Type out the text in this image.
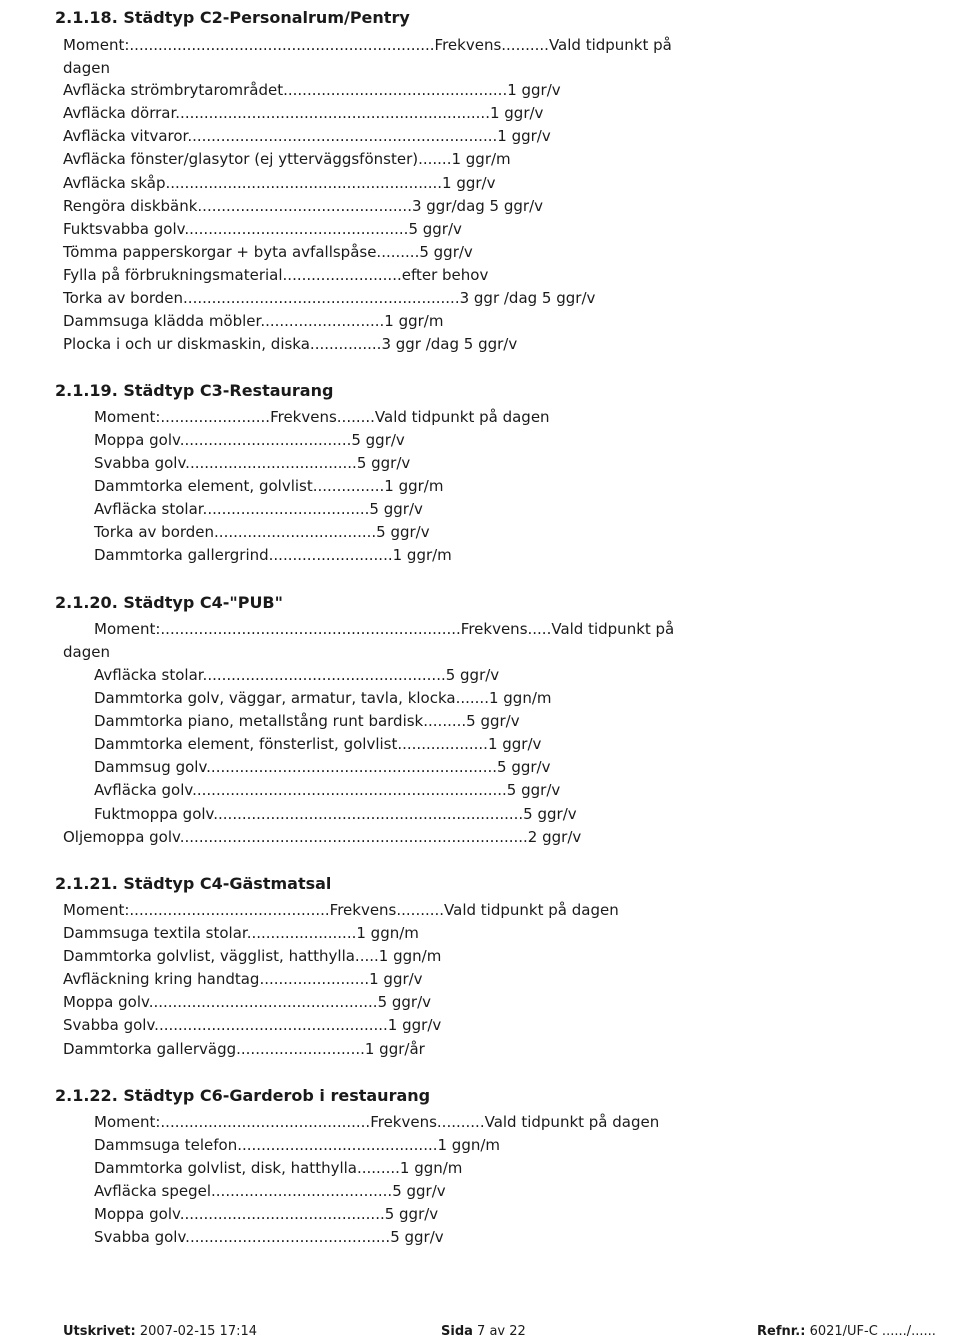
2.1.18. Städtyp C2-Personalrum/Pentry
Moment:................................................................Frekvens..........Vald tidpunkt på
dagen
Avfläcka strömbrytarområdet...............................................1 ggr/v
Avfläcka dörrar..................................................................1 ggr/v
Avfläcka vitvaror.................................................................1 ggr/v
Avfläcka fönster/glasytor (ej ytterväggsfönster).......1 ggr/m
Avfläcka skåp..........................................................1 ggr/v
Rengöra diskbänk.............................................3 ggr/dag 5 ggr/v
Fuktsvabba golv...............................................5 ggr/v
Tömma papperskorgar + byta avfallspåse.........5 ggr/v
Fylla på förbrukningsmaterial.........................efter behov
Torka av borden..........................................................3 ggr /dag 5 ggr/v
Dammsuga klädda möbler..........................1 ggr/m
Plocka i och ur diskmaskin, diska...............3 ggr /dag 5 ggr/v
2.1.19. Städtyp C3-Restaurang
Moment:.......................Frekvens........Vald tidpunkt på dagen
Moppa golv....................................5 ggr/v
Svabba golv....................................5 ggr/v
Dammtorka element, golvlist...............1 ggr/m
Avfläcka stolar...................................5 ggr/v
Torka av borden..................................5 ggr/v
Dammtorka gallergrind..........................1 ggr/m
2.1.20. Städtyp C4-"PUB"
Moment:...............................................................Frekvens.....Vald tidpunkt på
dagen
Avfläcka stolar...................................................5 ggr/v
Dammtorka golv, väggar, armatur, tavla, klocka.......1 ggn/m
Dammtorka piano, metallstång runt bardisk.........5 ggr/v
Dammtorka element, fönsterlist, golvlist...................1 ggr/v
Dammsug golv.............................................................5 ggr/v
Avfläcka golv..................................................................5 ggr/v
Fuktmoppa golv.................................................................5 ggr/v
Oljemoppa golv.........................................................................2 ggr/v
2.1.21. Städtyp C4-Gästmatsal
Moment:..........................................Frekvens..........Vald tidpunkt på dagen
Dammsuga textila stolar.......................1 ggn/m
Dammtorka golvlist, vägglist, hatthylla.....1 ggn/m
Avfläckning kring handtag.......................1 ggr/v
Moppa golv................................................5 ggr/v
Svabba golv.................................................1 ggr/v
Dammtorka gallervägg...........................1 ggr/år
2.1.22. Städtyp C6-Garderob i restaurang
Moment:............................................Frekvens..........Vald tidpunkt på dagen
Dammsuga telefon..........................................1 ggn/m
Dammtorka golvlist, disk, hatthylla.........1 ggn/m
Avfläcka spegel......................................5 ggr/v
Moppa golv...........................................5 ggr/v
Svabba golv...........................................5 ggr/v
Utskrivet: 2007-02-15 17:14	Sida 7 av 22	Refnr.: 6021/UF-C ....../......
